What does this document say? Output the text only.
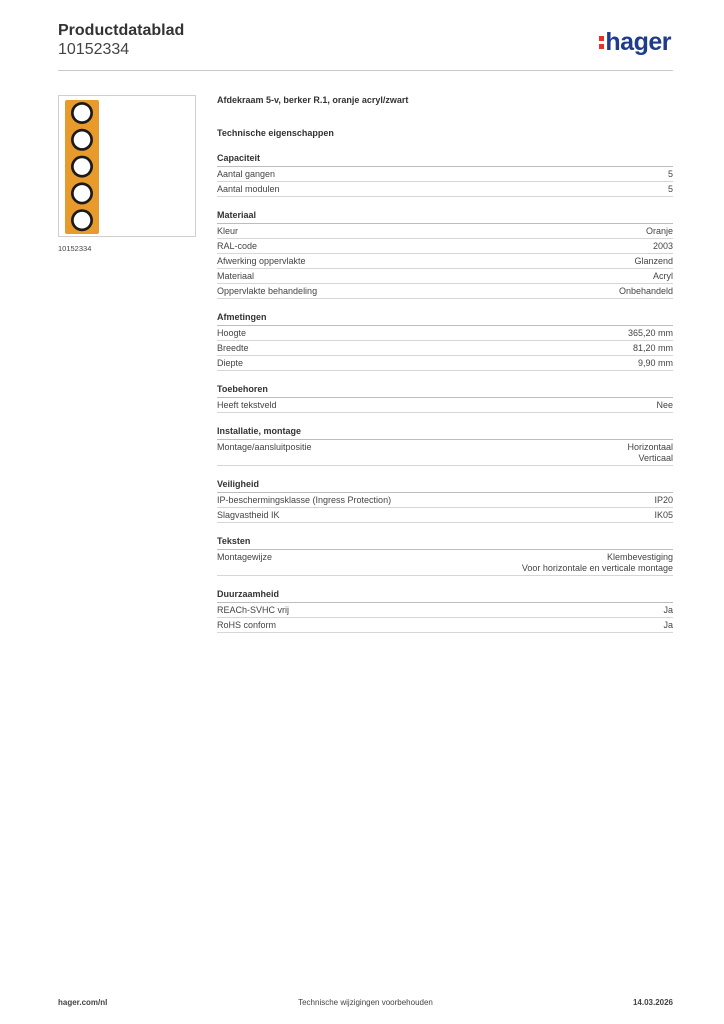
Productdatablad
10152334	hager
10152334
Afdekraam 5-v, berker R.1, oranje acryl/zwart
Technische eigenschappen
Capaciteit
Aantal gangen	5
Aantal modulen	5
Materiaal
Kleur	Oranje
RAL-code	2003
Afwerking oppervlakte	Glanzend
Materiaal	Acryl
Oppervlakte behandeling	Onbehandeld
Afmetingen
Hoogte	365,20 mm
Breedte	81,20 mm
Diepte	9,90 mm
Toebehoren
Heeft tekstveld	Nee
Installatie, montage
Montage/aansluitpositie	Horizontaal
Verticaal
Veiligheid
IP-beschermingsklasse (Ingress Protection)	IP20
Slagvastheid IK	IK05
Teksten
Montagewijze	Klembevestiging
Voor horizontale en verticale montage
Duurzaamheid
REACh-SVHC vrij	Ja
RoHS conform	Ja
hager.com/nl	Technische wijzigingen voorbehouden	14.03.2026
